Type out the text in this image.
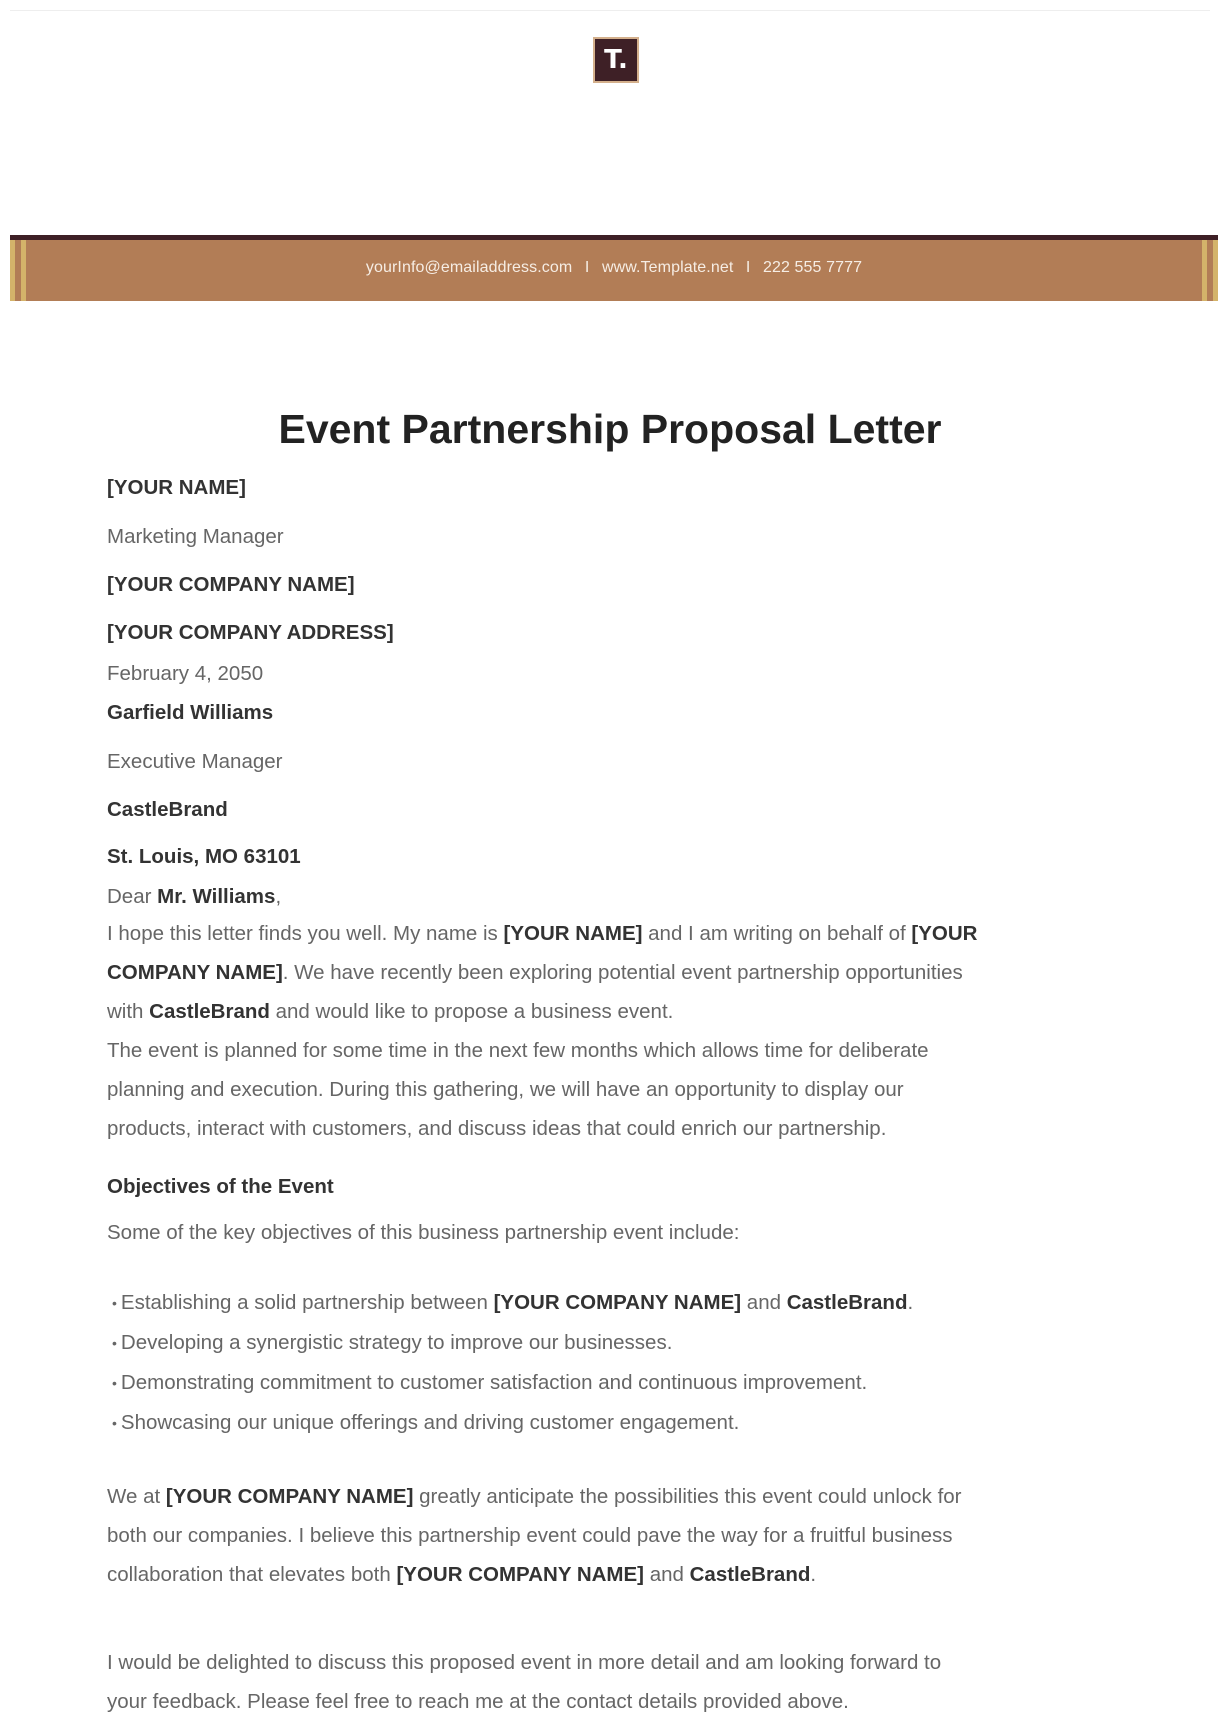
T.
yourInfo@emailaddress.com I www.Template.net I 222 555 7777
Event Partnership Proposal Letter
[YOUR NAME]
Marketing Manager
[YOUR COMPANY NAME]
[YOUR COMPANY ADDRESS]
February 4, 2050
Garfield Williams
Executive Manager
CastleBrand
St. Louis, MO 63101
Dear Mr. Williams,

I hope this letter finds you well. My name is [YOUR NAME] and I am writing on behalf of [YOUR

COMPANY NAME]. We have recently been exploring potential event partnership opportunities

with CastleBrand and would like to propose a business event.

The event is planned for some time in the next few months which allows time for deliberate

planning and execution. During this gathering, we will have an opportunity to display our

products, interact with customers, and discuss ideas that could enrich our partnership.

Objectives of the Event
Some of the key objectives of this business partnership event include:
• Establishing a solid partnership between [YOUR COMPANY NAME] and CastleBrand.
• Developing a synergistic strategy to improve our businesses.
• Demonstrating commitment to customer satisfaction and continuous improvement.
• Showcasing our unique offerings and driving customer engagement.

We at [YOUR COMPANY NAME] greatly anticipate the possibilities this event could unlock for

both our companies. I believe this partnership event could pave the way for a fruitful business

collaboration that elevates both [YOUR COMPANY NAME] and CastleBrand.

I would be delighted to discuss this proposed event in more detail and am looking forward to

your feedback. Please feel free to reach me at the contact details provided above.
